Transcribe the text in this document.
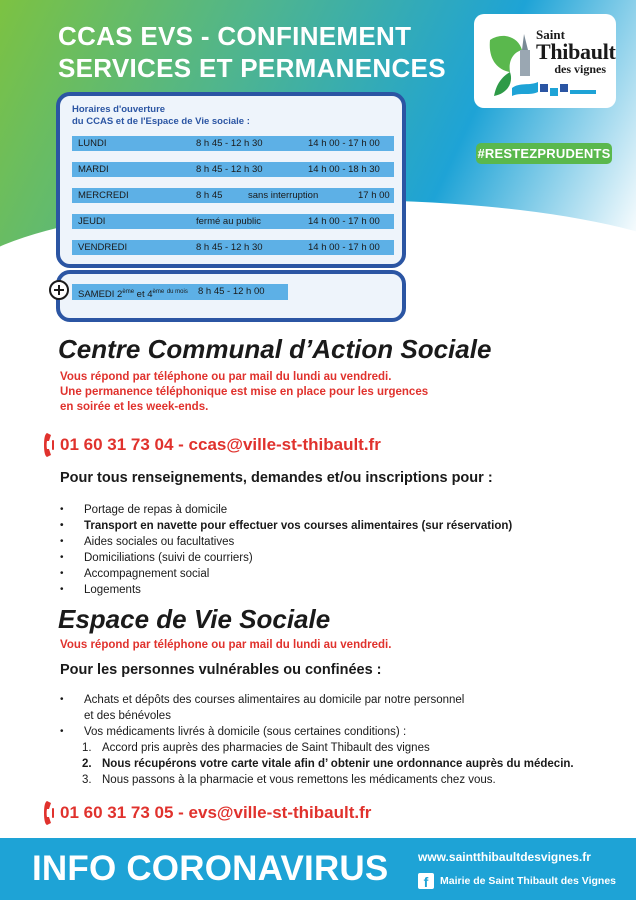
CCAS EVS - CONFINEMENT
SERVICES ET PERMANENCES
Saint
Thibault
des vignes
#RESTEZPRUDENTS
Horaires d'ouverture
du CCAS et de l'Espace de Vie sociale :
LUNDI	8 h 45 - 12 h 30	14 h 00 - 17 h 00
MARDI	8 h 45 - 12 h 30	14 h 00 - 18 h 30
MERCREDI	8 h 45	sans interruption	17 h 00
JEUDI	fermé au public	14 h 00 - 17 h 00
VENDREDI	8 h 45 - 12 h 30	14 h 00 - 17 h 00
SAMEDI 2ème et 4ème $^{du mois}$ 8 h 45 - 12 h 00
Centre Communal d’Action Sociale
Vous répond par téléphone ou par mail du lundi au vendredi.
Une permanence téléphonique est mise en place pour les urgences
en soirée et les week-ends.
01 60 31 73 04 - ccas@ville-st-thibault.fr
Pour tous renseignements, demandes et/ou inscriptions pour :
• Portage de repas à domicile
• Transport en navette pour effectuer vos courses alimentaires (sur réservation)
• Aides sociales ou facultatives
• Domiciliations (suivi de courriers)
• Accompagnement social
• Logements
Espace de Vie Sociale
Vous répond par téléphone ou par mail du lundi au vendredi.
Pour les personnes vulnérables ou confinées :
• Achats et dépôts des courses alimentaires au domicile par notre personnel
et des bénévoles
• Vos médicaments livrés à domicile (sous certaines conditions) :
1. Accord pris auprès des pharmacies de Saint Thibault des vignes
2. Nous récupérons votre carte vitale afin d’ obtenir une ordonnance auprès du médecin.
3. Nous passons à la pharmacie et vous remettons les médicaments chez vous.
01 60 31 73 05 - evs@ville-st-thibault.fr
INFO CORONAVIRUS www.saintthibaultdesvignes.fr
f	Mairie de Saint Thibault des Vignes
